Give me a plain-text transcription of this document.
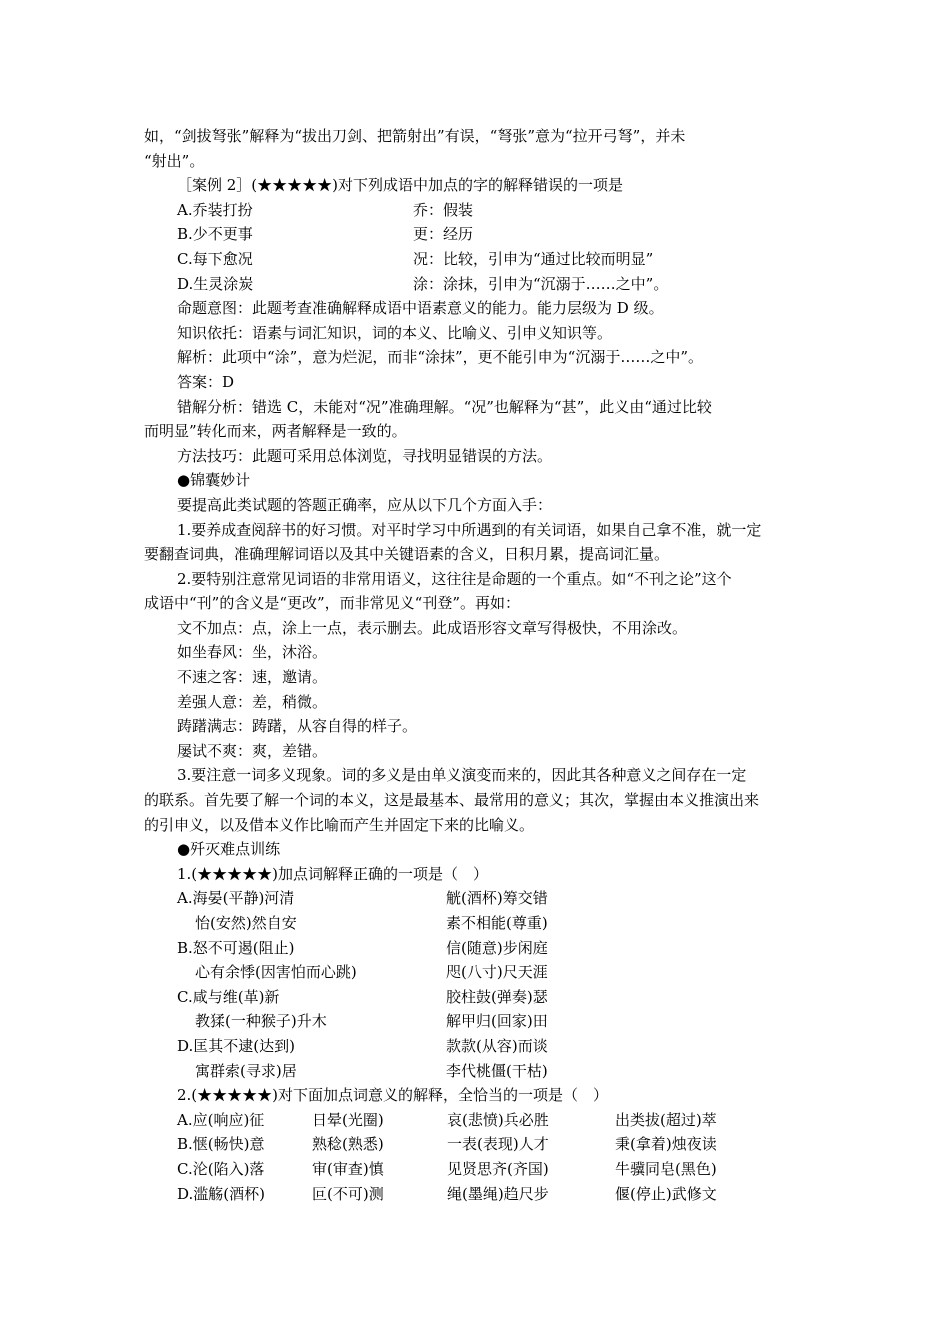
如，“剑拔弩张”解释为“拔出刀剑、把箭射出”有误，“弩张”意为“拉开弓弩”，并未

“射出”。

［案例 2］(★★★★★)对下列成语中加点的字的解释错误的一项是

A.乔装打扮	乔：假装
B.少不更事	更：经历
C.每下愈况	况：比较，引申为“通过比较而明显”
D.生灵涂炭	涂：涂抹，引申为“沉溺于……之中”。

命题意图：此题考查准确解释成语中语素意义的能力。能力层级为 D 级。

知识依托：语素与词汇知识，词的本义、比喻义、引申义知识等。

解析：此项中“涂”，意为烂泥，而非“涂抹”，更不能引申为“沉溺于……之中”。

答案：D

错解分析：错选 C，未能对“况”准确理解。“况”也解释为“甚”，此义由“通过比较

而明显”转化而来，两者解释是一致的。

方法技巧：此题可采用总体浏览，寻找明显错误的方法。

●锦囊妙计

要提高此类试题的答题正确率，应从以下几个方面入手：

1.要养成查阅辞书的好习惯。对平时学习中所遇到的有关词语，如果自己拿不准，就一定

要翻查词典，准确理解词语以及其中关键语素的含义，日积月累，提高词汇量。

2.要特别注意常见词语的非常用语义，这往往是命题的一个重点。如“不刊之论”这个

成语中“刊”的含义是“更改”，而非常见义“刊登”。再如：

文不加点：点，涂上一点，表示删去。此成语形容文章写得极快，不用涂改。

如坐春风：坐，沐浴。

不速之客：速，邀请。

差强人意：差，稍微。

踌躇满志：踌躇，从容自得的样子。

屡试不爽：爽，差错。

3.要注意一词多义现象。词的多义是由单义演变而来的，因此其各种意义之间存在一定

的联系。首先要了解一个词的本义，这是最基本、最常用的意义；其次，掌握由本义推演出来

的引申义，以及借本义作比喻而产生并固定下来的比喻义。

●歼灭难点训练

1.(★★★★★)加点词解释正确的一项是（　）

A.海晏(平静)河清	觥(酒杯)筹交错
怡(安然)然自安	素不相能(尊重)
B.怒不可遏(阻止)	信(随意)步闲庭
心有余悸(因害怕而心跳)	咫(八寸)尺天涯
C.咸与维(革)新	胶柱鼓(弹奏)瑟
教猱(一种猴子)升木	解甲归(回家)田
D.匡其不逮(达到)	款款(从容)而谈
寓群索(寻求)居	李代桃僵(干枯)

2.(★★★★★)对下面加点词意义的解释，全恰当的一项是（　）

A.应(响应)征	日晕(光圈)	哀(悲愤)兵必胜	出类拔(超过)萃
B.惬(畅快)意	熟稔(熟悉)	一表(表现)人才	秉(拿着)烛夜读
C.沦(陷入)落	审(审查)慎	见贤思齐(齐国)	牛骥同皂(黑色)
D.滥觞(酒杯)	叵(不可)测	绳(墨绳)趋尺步	偃(停止)武修文
